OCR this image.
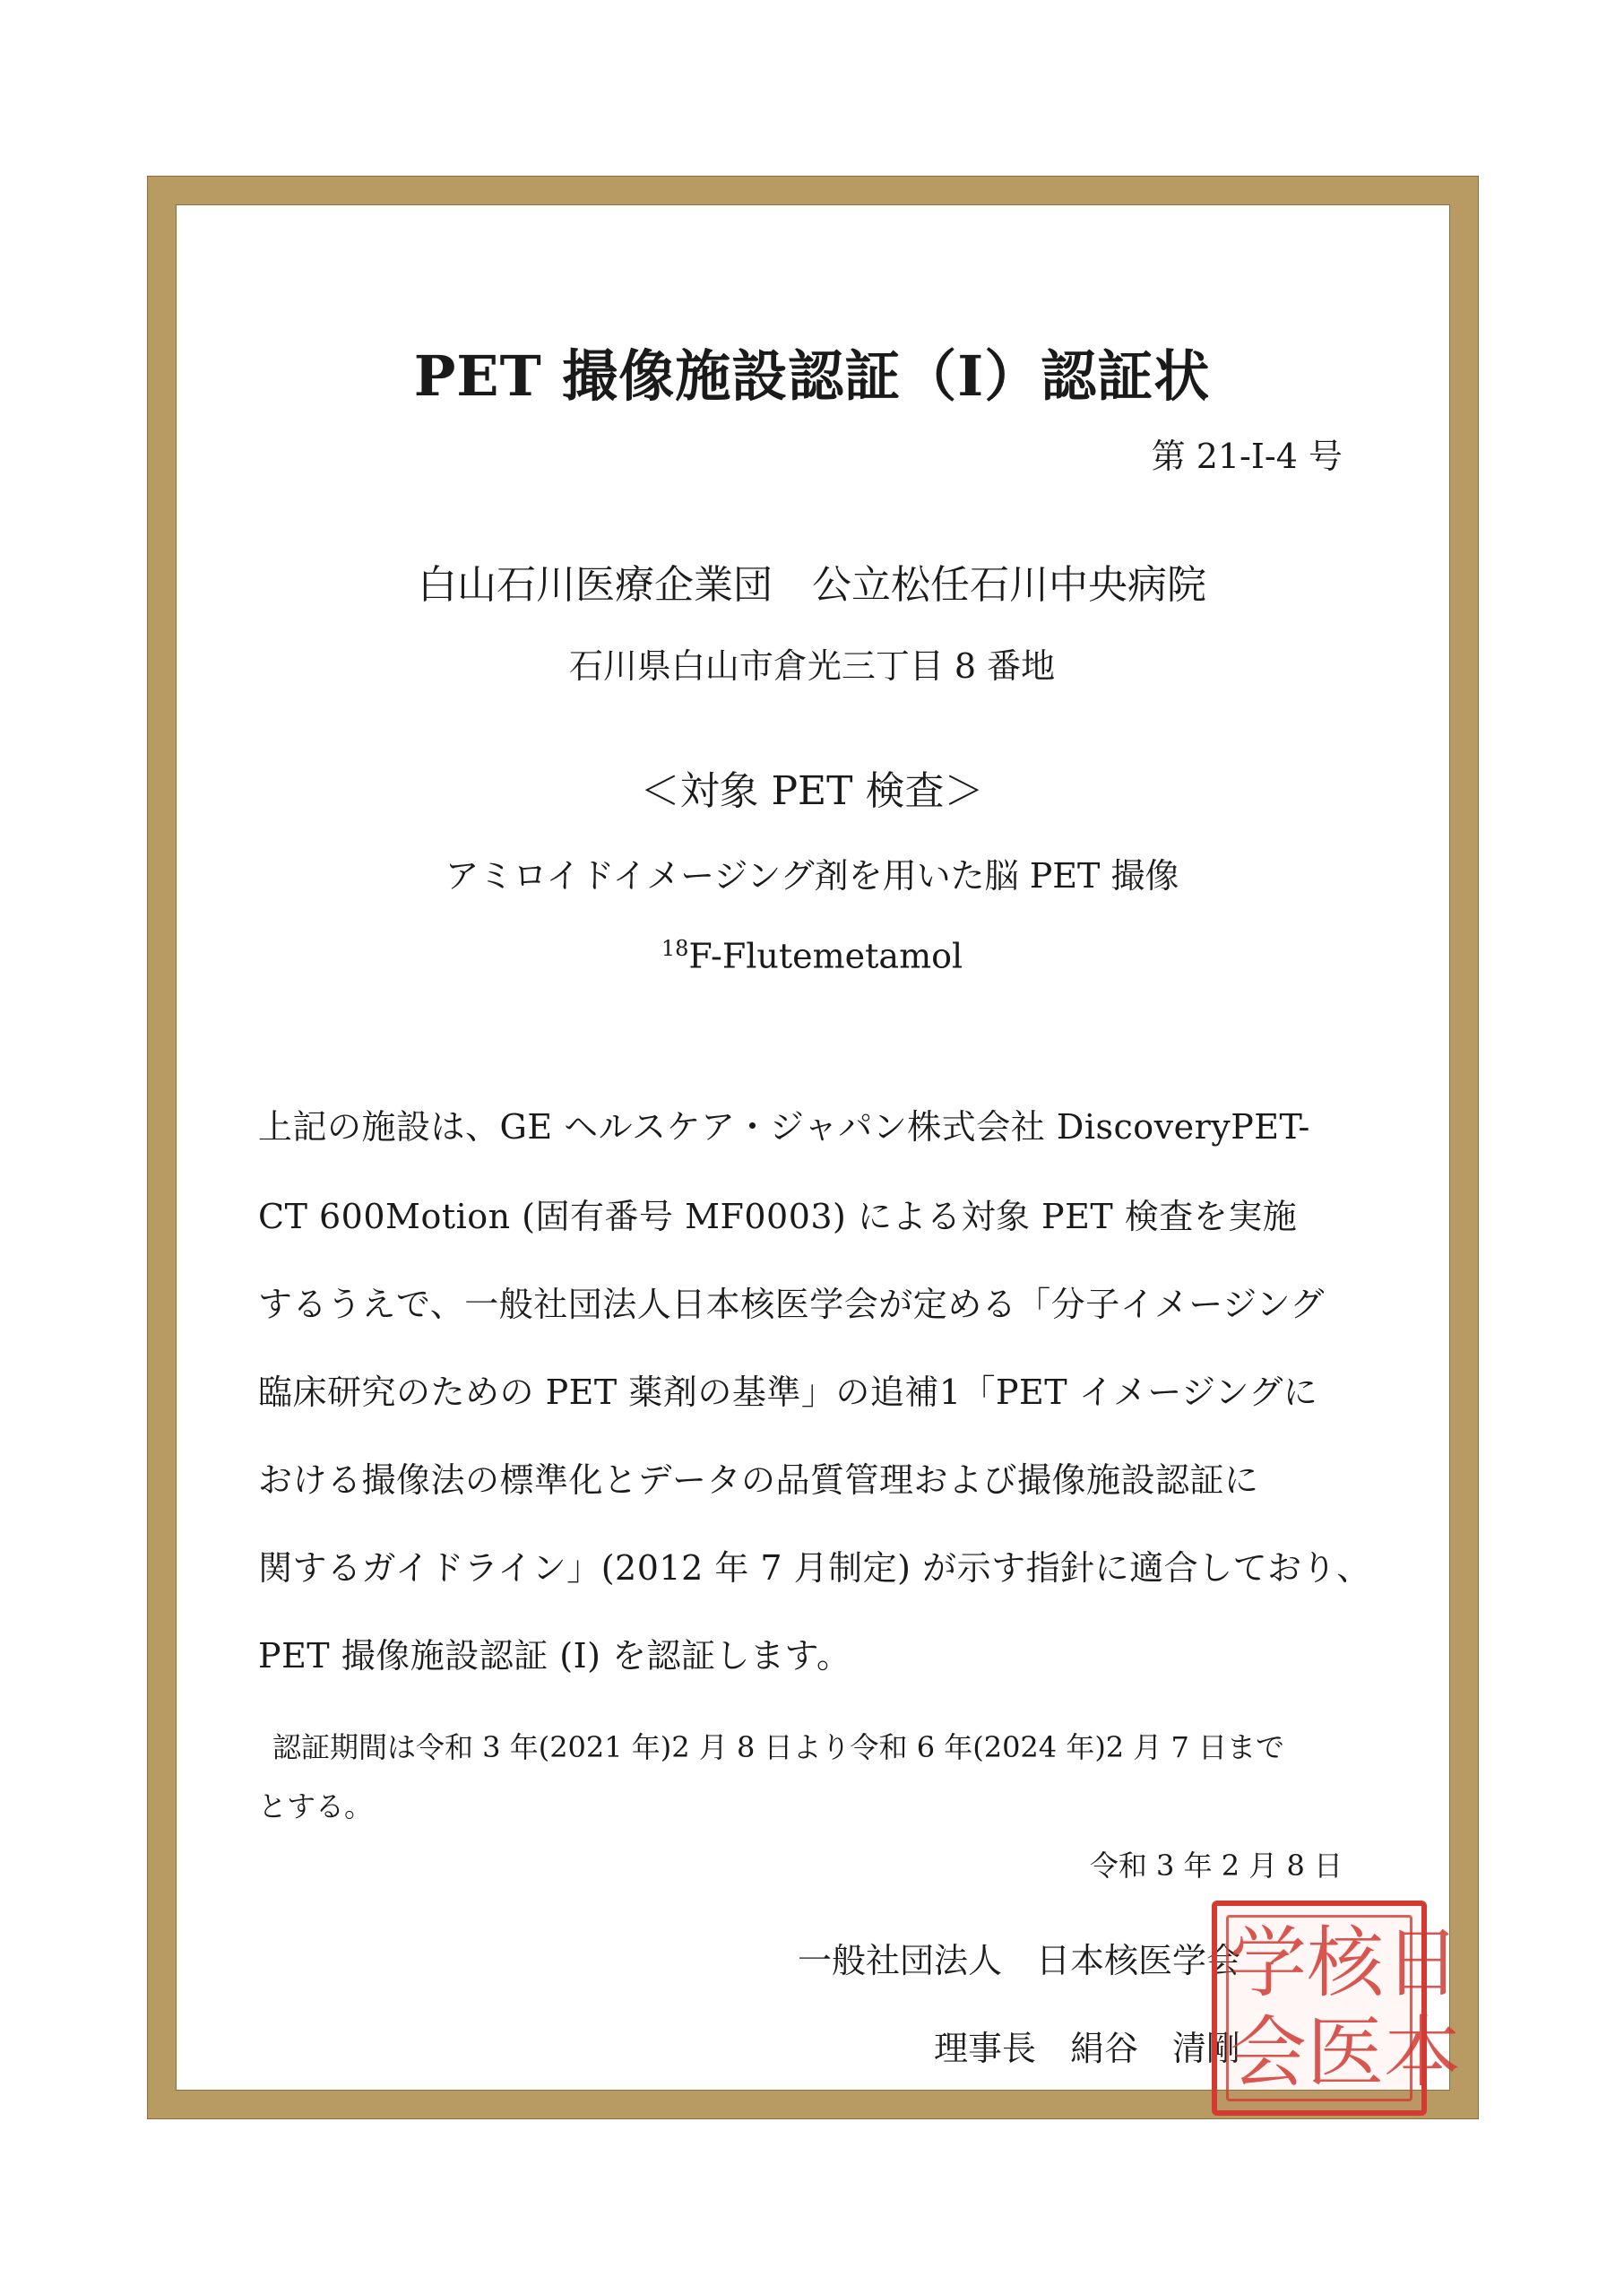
PET 撮像施設認証（I）認証状
第 21-I-4 号
白山石川医療企業団　公立松任石川中央病院
石川県白山市倉光三丁目 8 番地
＜対象 PET 検査＞
アミロイドイメージング剤を用いた脳 PET 撮像
$^{18}$F-Flutemetamol
上記の施設は、GE ヘルスケア・ジャパン株式会社 DiscoveryPET-
CT 600Motion (固有番号 MF0003) による対象 PET 検査を実施
するうえで、一般社団法人日本核医学会が定める「分子イメージング
臨床研究のための PET 薬剤の基準」の追補1「PET イメージングに
おける撮像法の標準化とデータの品質管理および撮像施設認証に
関するガイドライン」(2012 年 7 月制定) が示す指針に適合しており、
PET 撮像施設認証 (I) を認証します。
認証期間は令和 3 年(2021 年)2 月 8 日より令和 6 年(2024 年)2 月 7 日まで
とする。
令和 3 年 2 月 8 日
一般社団法人　日本核医学会
理事長　絹谷　清剛
日
本
核
医
学
会
